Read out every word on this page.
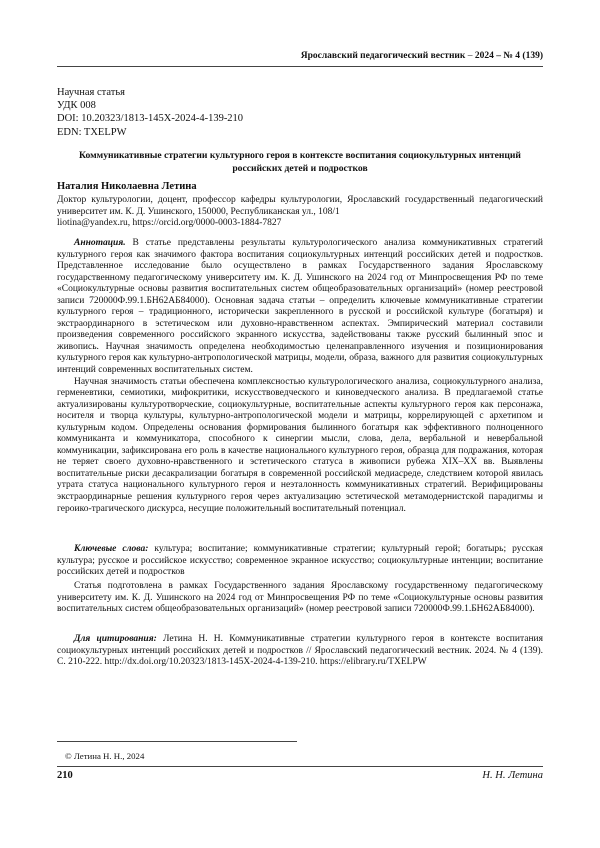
Ярославский педагогический вестник – 2024 – № 4 (139)
Научная статья
УДК 008
DOI: 10.20323/1813-145X-2024-4-139-210
EDN: TXELPW
Коммуникативные стратегии культурного героя в контексте воспитания социокультурных интенций российских детей и подростков
Наталия Николаевна Летина
Доктор культурологии, доцент, профессор кафедры культурологии, Ярославский государственный педагогический университет им. К. Д. Ушинского, 150000, Республиканская ул., 108/1
liotina@yandex.ru, https://orcid.org/0000-0003-1884-7827

Аннотация. В статье представлены результаты культурологического анализа коммуникативных стратегий культурного героя как значимого фактора воспитания социокультурных интенций российских детей и подростков. Представленное исследование было осуществлено в рамках Государственного задания Ярославскому государственному педагогическому университету им. К. Д. Ушинского на 2024 год от Минпросвещения РФ по теме «Социокультурные основы развития воспитательных систем общеобразовательных организаций» (номер реестровой записи 720000Ф.99.1.БН62АБ84000). Основная задача статьи – определить ключевые коммуникативные стратегии культурного героя – традиционного, исторически закрепленного в русской и российской культуре (богатыря) и экстраординарного в эстетическом или духовно-нравственном аспектах. Эмпирический материал составили произведения современного российского экранного искусства, задействованы также русский былинный эпос и живопись. Научная значимость определена необходимостью целенаправленного изучения и позиционирования культурного героя как культурно-антропологической матрицы, модели, образа, важного для развития социокультурных интенций современных воспитательных систем.

Научная значимость статьи обеспечена комплексностью культурологического анализа, социокультурного анализа, герменевтики, семиотики, мифокритики, искусствоведческого и киноведческого анализа. В предлагаемой статье актуализированы культуротворческие, социокультурные, воспитательные аспекты культурного героя как персонажа, носителя и творца культуры, культурно-антропологической модели и матрицы, коррелирующей с архетипом и культурным кодом. Определены основания формирования былинного богатыря как эффективного полноценного коммуниканта и коммуникатора, способного к синергии мысли, слова, дела, вербальной и невербальной коммуникации, зафиксирована его роль в качестве национального культурного героя, образца для подражания, которая не теряет своего духовно-нравственного и эстетического статуса в живописи рубежа XIX–XX вв. Выявлены воспитательные риски десакрализации богатыря в современной российской медиасреде, следствием которой явилась утрата статуса национального культурного героя и неэталонность коммуникативных стратегий. Верифицированы экстраординарные решения культурного героя через актуализацию эстетической метамодернистской парадигмы и героико-трагического дискурса, несущие положительный воспитательный потенциал.

Ключевые слова: культура; воспитание; коммуникативные стратегии; культурный герой; богатырь; русская культура; русское и российское искусство; современное экранное искусство; социокультурные интенции; воспитание российских детей и подростков
Статья подготовлена в рамках Государственного задания Ярославскому государственному педагогическому университету им. К. Д. Ушинского на 2024 год от Минпросвещения РФ по теме «Социокультурные основы развития воспитательных систем общеобразовательных организаций» (номер реестровой записи 720000Ф.99.1.БН62АБ84000).
Для цитирования: Летина Н. Н. Коммуникативные стратегии культурного героя в контексте воспитания социокультурных интенций российских детей и подростков // Ярославский педагогический вестник. 2024. № 4 (139). С. 210-222. http://dx.doi.org/10.20323/1813-145X-2024-4-139-210. https://elibrary.ru/TXELPW
© Летина Н. Н., 2024
210	Н. Н. Летина
